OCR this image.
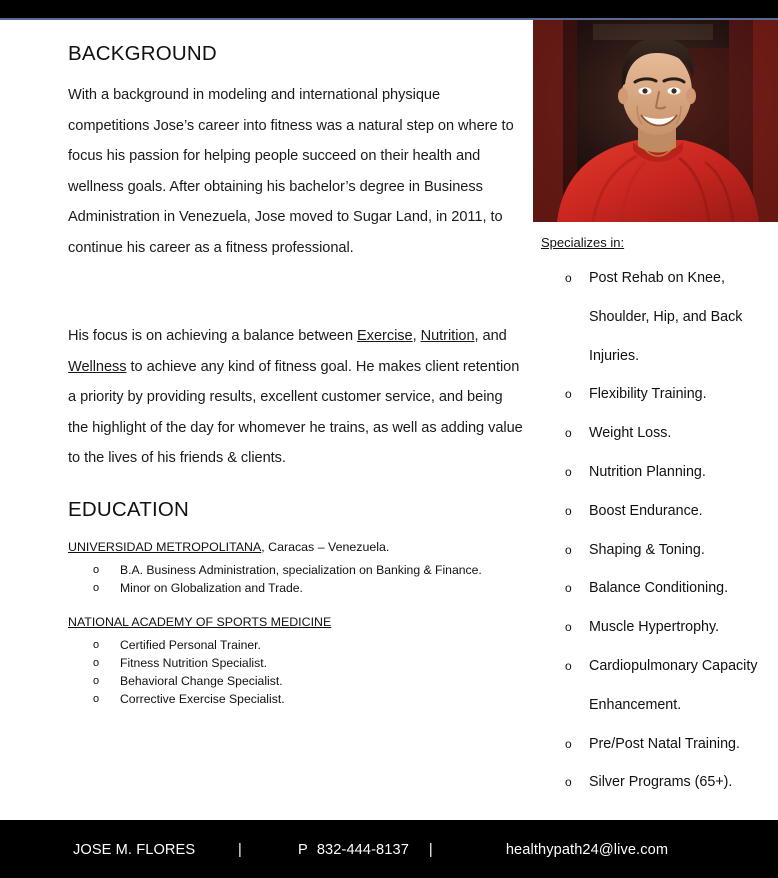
BACKGROUND

With a background in modeling and international physique competitions Jose’s career into fitness was a natural step on where to focus his passion for helping people succeed on their health and wellness goals. After obtaining his bachelor’s degree in Business Administration in Venezuela, Jose moved to Sugar Land, in 2011, to continue his career as a fitness professional.

His focus is on achieving a balance between Exercise, Nutrition, and Wellness to achieve any kind of fitness goal. He makes client retention a priority by providing results, excellent customer service, and being the highlight of the day for whomever he trains, as well as adding value to the lives of his friends & clients.

EDUCATION

UNIVERSIDAD METROPOLITANA, Caracas – Venezuela.

o B.A. Business Administration, specialization on Banking & Finance.
o Minor on Globalization and Trade.

NATIONAL ACADEMY OF SPORTS MEDICINE

o Certified Personal Trainer.
o Fitness Nutrition Specialist.
o Behavioral Change Specialist.
o Corrective Exercise Specialist.
Specializes in:
o Post Rehab on Knee, Shoulder, Hip, and Back Injuries.
o Flexibility Training.
o Weight Loss.
o Nutrition Planning.
o Boost Endurance.
o Shaping & Toning.
o Balance Conditioning.
o Muscle Hypertrophy.
o Cardiopulmonary Capacity Enhancement.
o Pre/Post Natal Training.
o Silver Programs (65+).
JOSE M. FLORES	|	P 832-444-8137	|	healthypath24@live.com
